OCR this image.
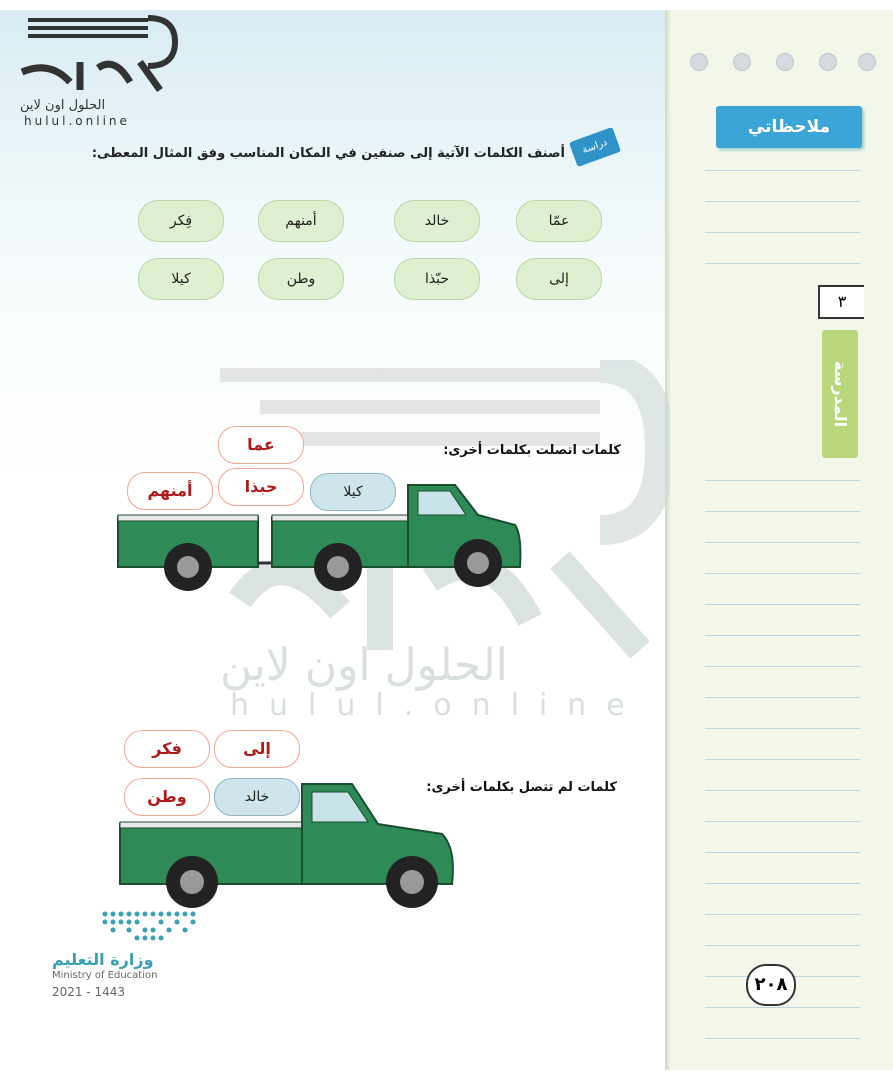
ملاحظاتي
٣
المدرسة
٢٠٨
الحلول اون لاين
hulul.online
الحلول اون لاين
hulul.online
دراسة
أصنف الكلمات الآتية إلى صنفين في المكان المناسب وفق المثال المعطى:
عمّا
خالد
أمنهم
فِكر
إلى
حبّذا
وطن
كيلا
كلمات اتصلت بكلمات أخرى:
عما
حبذا
أمنهم	كيلا
كلمات لم تتصل بكلمات أخرى:
إلى
فكر
وطن	خالد
وزارة التعليم
Ministry of Education
2021 - 1443
